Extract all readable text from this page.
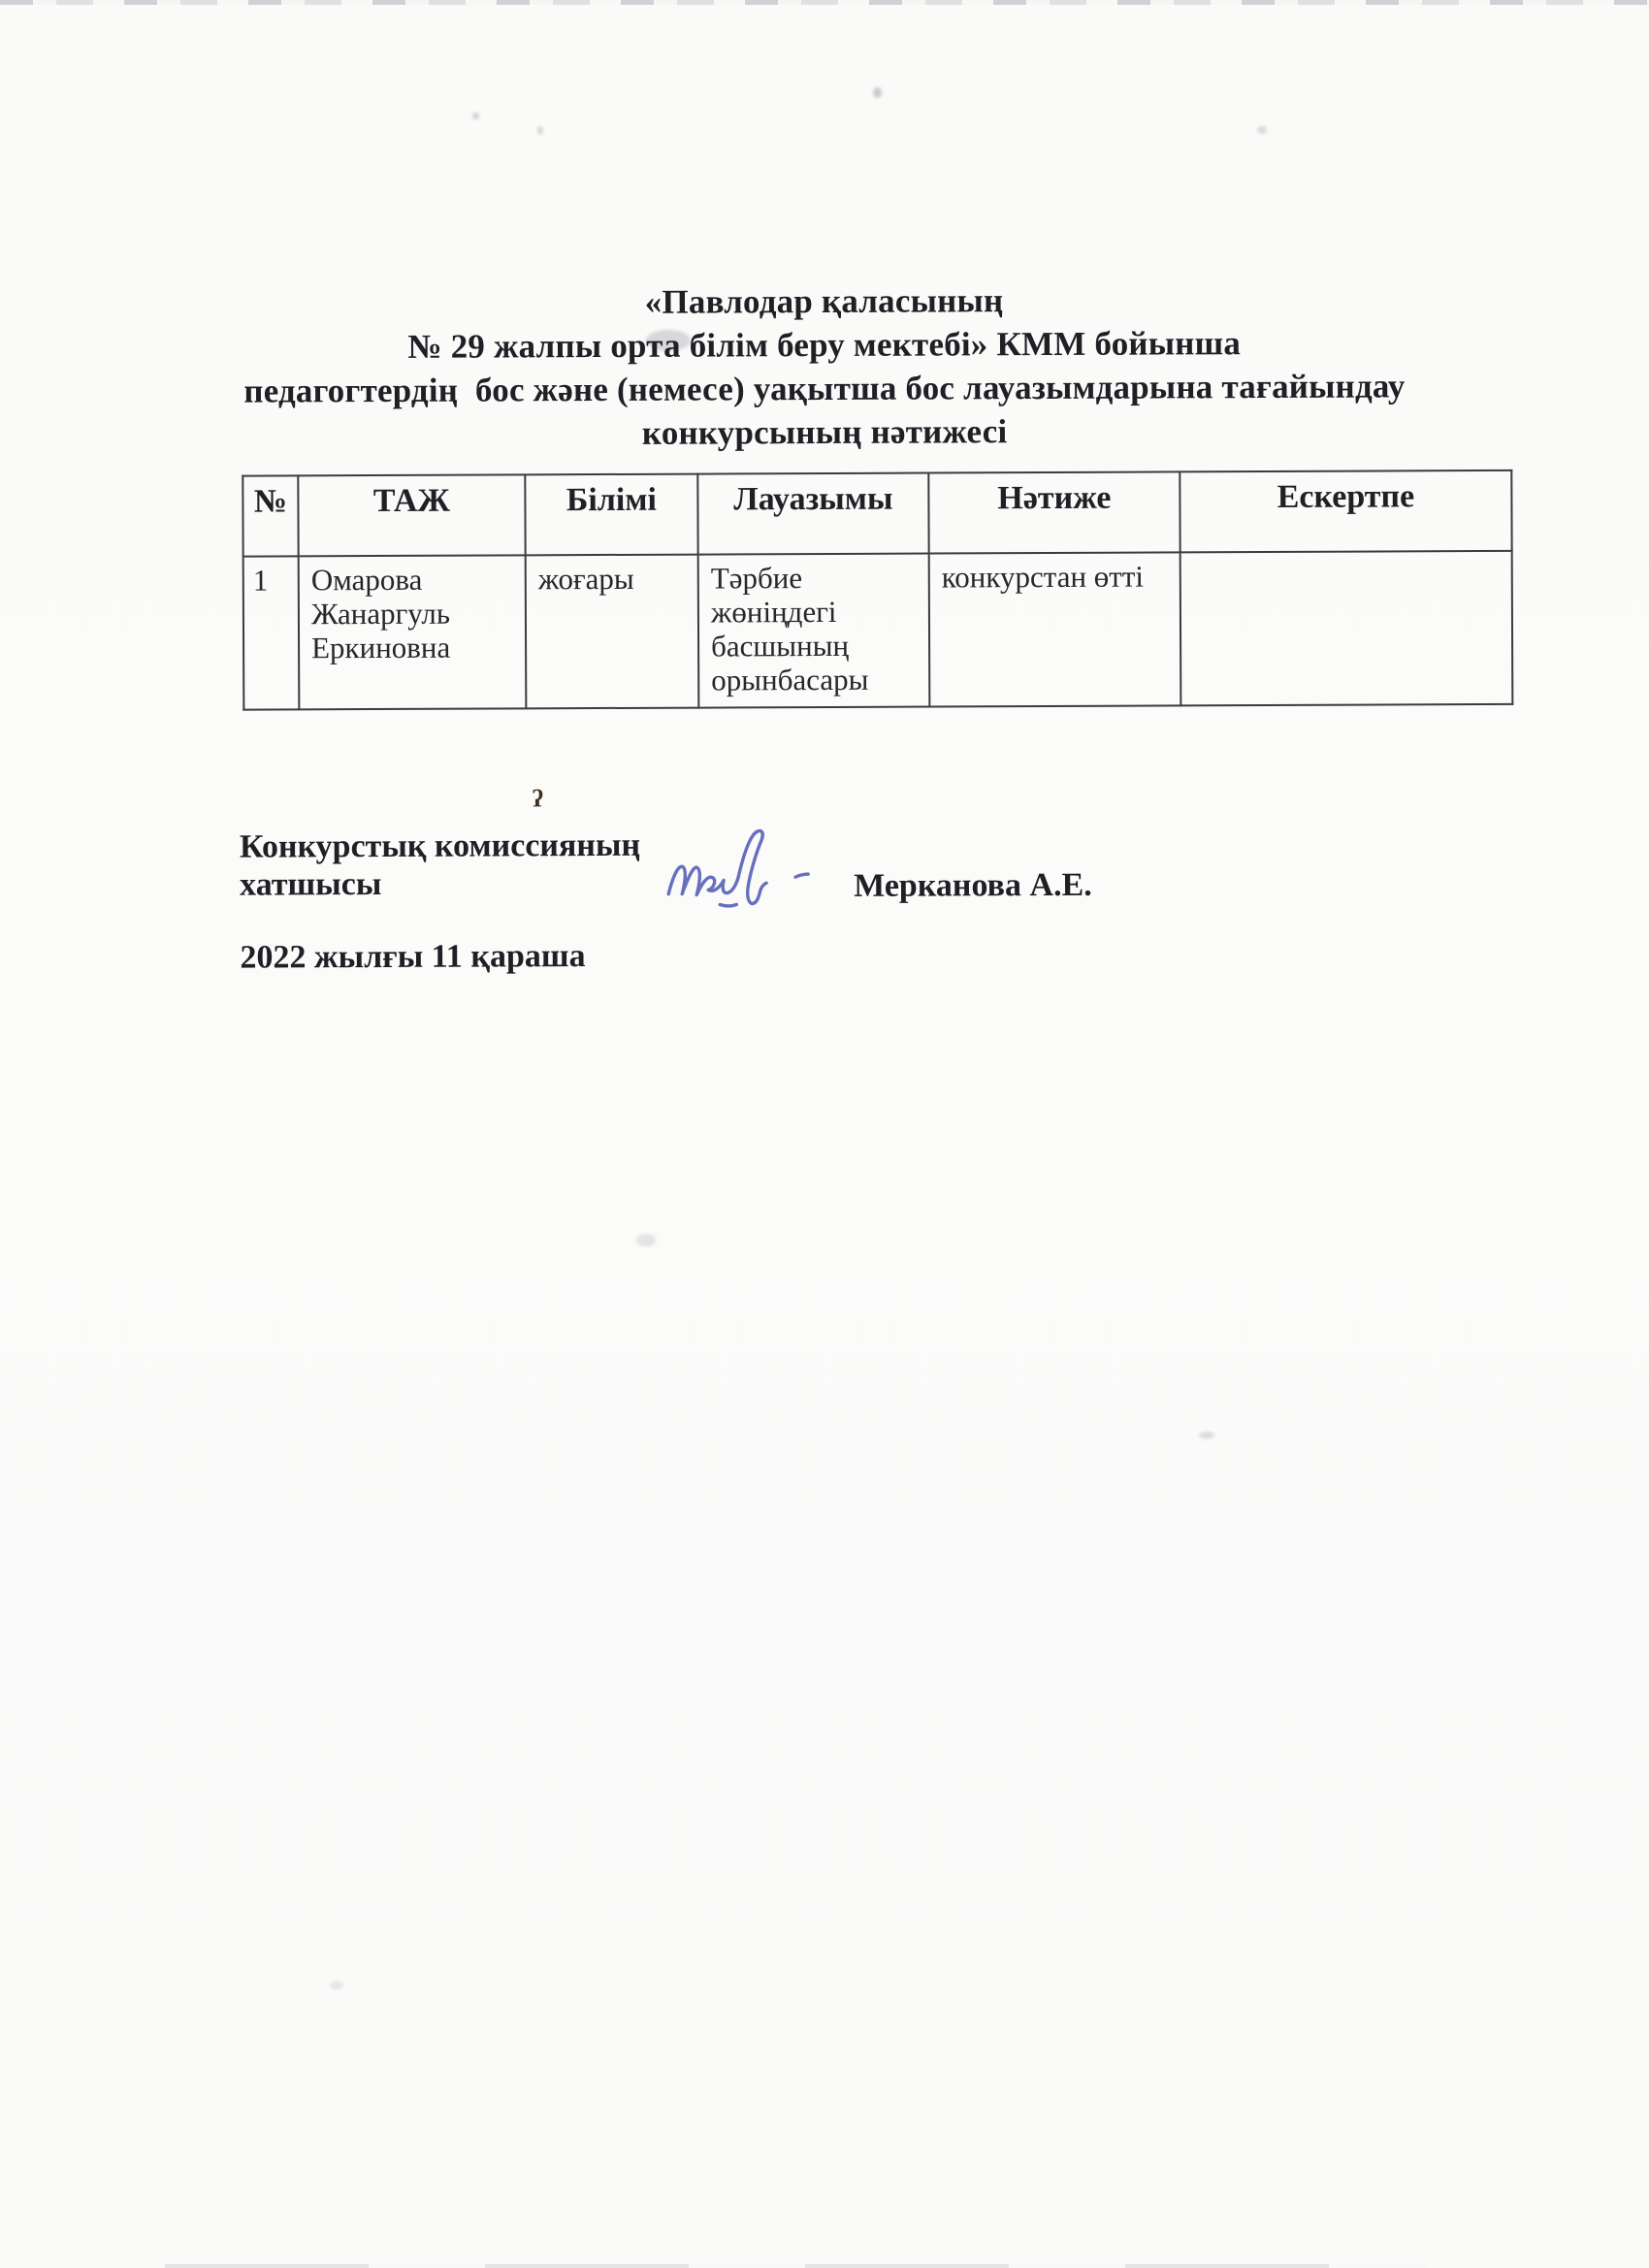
«Павлодар қаласының
№ 29 жалпы орта білім беру мектебі» КММ бойынша
педагогтердің  бос және (немесе) уақытша бос лауазымдарына тағайындау
конкурсының нәтижесі
№	ТАЖ	Білімі	Лауазымы	Нәтиже	Ескертпе
1	Омарова Жанаргуль Еркиновна	жоғары	Тәрбие жөніңдегі басшының орынбасары	конкурстан өтті	
ʔ
Конкурстық комиссияның
хатшысы	Мерканова А.Е.
2022 жылғы 11 қараша
